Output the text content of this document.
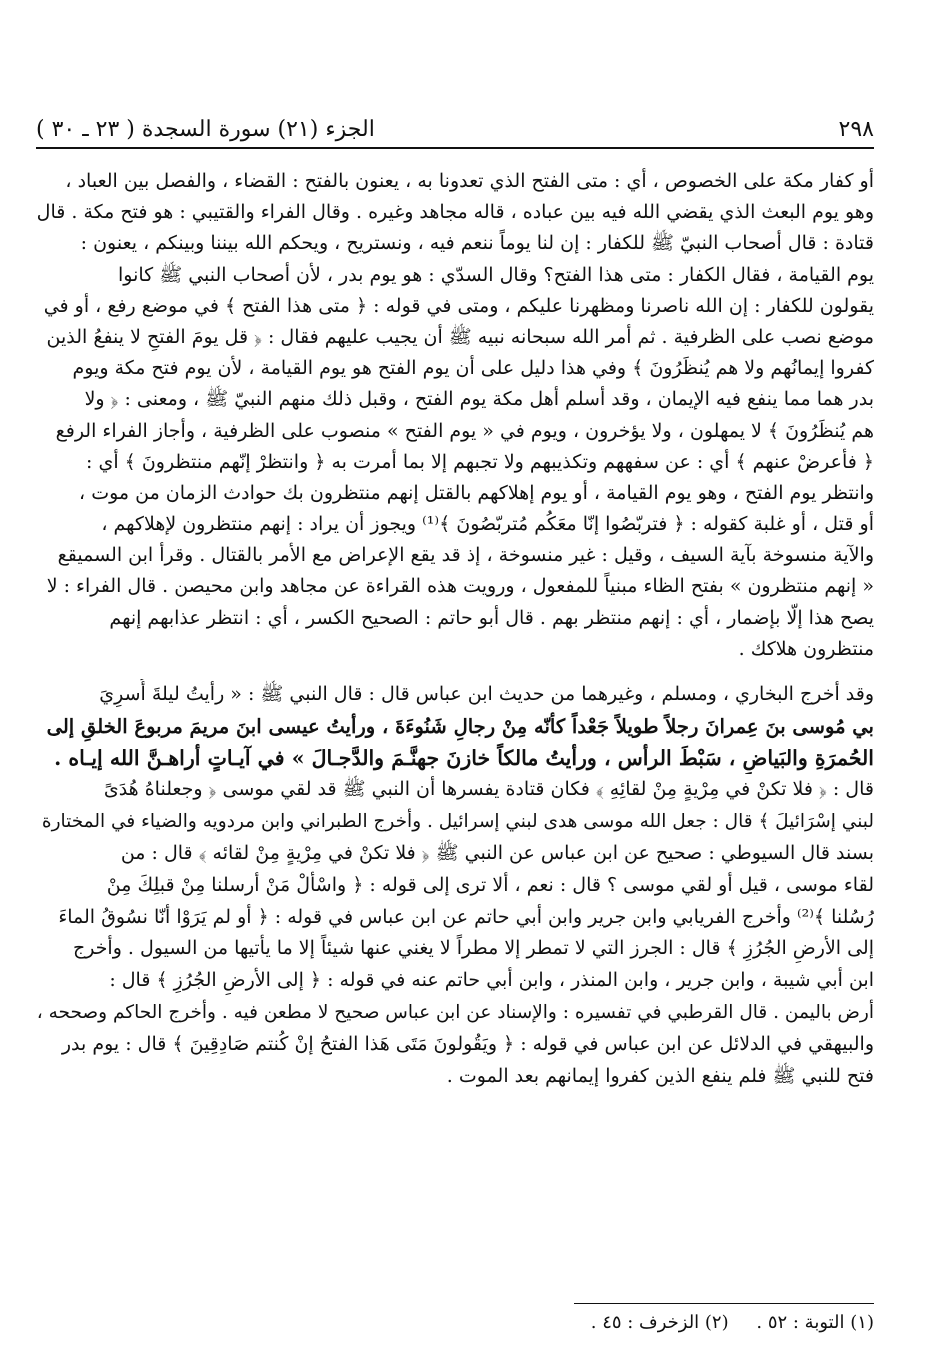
الجزء (٢١) سورة السجدة ( ٢٣ ـ ٣٠ )	٢٩٨
أو كفار مكة على الخصوص ، أي : متى الفتح الذي تعدونا به ، يعنون بالفتح : القضاء ، والفصل بين العباد ،
وهو يوم البعث الذي يقضي الله فيه بين عباده ، قاله مجاهد وغيره . وقال الفراء والقتيبي : هو فتح مكة . قال
قتادة : قال أصحاب النبيّ ﷺ للكفار : إن لنا يوماً ننعم فيه ، ونستريح ، ويحكم الله بيننا وبينكم ، يعنون :
يوم القيامة ، فقال الكفار : متى هذا الفتح؟ وقال السدّي : هو يوم بدر ، لأن أصحاب النبي ﷺ كانوا
يقولون للكفار : إن الله ناصرنا ومظهرنا عليكم ، ومتى في قوله : ﴿ متى هذا الفتح ﴾ في موضع رفع ، أو في
موضع نصب على الظرفية . ثم أمر الله سبحانه نبيه ﷺ أن يجيب عليهم فقال : ﴿ قل يومَ الفتحِ لا ينفعُ الذين
كفروا إيمانُهم ولا هم يُنظَرُونَ ﴾ وفي هذا دليل على أن يوم الفتح هو يوم القيامة ، لأن يوم فتح مكة ويوم
بدر هما مما ينفع فيه الإيمان ، وقد أسلم أهل مكة يوم الفتح ، وقبل ذلك منهم النبيّ ﷺ ، ومعنى : ﴿ ولا
هم يُنظَرُونَ ﴾ لا يمهلون ، ولا يؤخرون ، ويوم في « يوم الفتح » منصوب على الظرفية ، وأجاز الفراء الرفع
﴿ فأعرضْ عنهم ﴾ أي : عن سفههم وتكذيبهم ولا تجبهم إلا بما أمرت به ﴿ وانتظرْ إنّهم منتظرونَ ﴾ أي :
وانتظر يوم الفتح ، وهو يوم القيامة ، أو يوم إهلاكهم بالقتل إنهم منتظرون بك حوادث الزمان من موت ،
أو قتل ، أو غلبة كقوله : ﴿ فتربّصُوا إنّا معَكُم مُتربّصُونَ ﴾⁽¹⁾ ويجوز أن يراد : إنهم منتظرون لإهلاكهم ،
والآية منسوخة بآية السيف ، وقيل : غير منسوخة ، إذ قد يقع الإعراض مع الأمر بالقتال . وقرأ ابن السميقع
« إنهم منتظرون » بفتح الظاء مبنياً للمفعول ، ورويت هذه القراءة عن مجاهد وابن محيصن . قال الفراء : لا
يصح هذا إلّا بإضمار ، أي : إنهم منتظر بهم . قال أبو حاتم : الصحيح الكسر ، أي : انتظر عذابهم إنهم
منتظرون هلاكك .
وقد أخرج البخاري ، ومسلم ، وغيرهما من حديث ابن عباس قال : قال النبي ﷺ : « رأيتُ ليلةَ أُسرِيَ
بي مُوسى بنَ عِمرانَ رجلاً طويلاً جَعْداً كأنّه مِنْ رجالِ شَنُوءَةَ ، ورأيتُ عيسى ابنَ مريمَ مربوعَ الخلقِ إلى
الحُمرَةِ والبَياضِ ، سَبْطَ الرأس ، ورأيتُ مالكاً خازنَ جهنَّـمَ والدَّجـالَ » في آيـاتٍ أراهـنَّ الله إيـاه .
قال : ﴿ فلا تكنْ في مِرْيةٍ مِنْ لقائِهِ ﴾ فكان قتادة يفسرها أن النبي ﷺ قد لقي موسى ﴿ وجعلناهُ هُدَىً
لبني إسْرَائيلَ ﴾ قال : جعل الله موسى هدى لبني إسرائيل . وأخرج الطبراني وابن مردويه والضياء في المختارة
بسند قال السيوطي : صحيح عن ابن عباس عن النبي ﷺ ﴿ فلا تكنْ في مِرْيةٍ مِنْ لقائه ﴾ قال : من
لقاء موسى ، قيل أو لقي موسى ؟ قال : نعم ، ألا ترى إلى قوله : ﴿ واسْألْ مَنْ أرسلنا مِنْ قبلِكَ مِنْ
رُسُلنا ﴾⁽²⁾ وأخرج الفريابي وابن جرير وابن أبي حاتم عن ابن عباس في قوله : ﴿ أو لم يَرَوْا أنّا نسُوقُ الماءَ
إلى الأرضِ الجُرُزِ ﴾ قال : الجرز التي لا تمطر إلا مطراً لا يغني عنها شيئاً إلا ما يأتيها من السيول . وأخرج
ابن أبي شيبة ، وابن جرير ، وابن المنذر ، وابن أبي حاتم عنه في قوله : ﴿ إلى الأرضِ الجُرُزِ ﴾ قال :
أرض باليمن . قال القرطبي في تفسيره : والإسناد عن ابن عباس صحيح لا مطعن فيه . وأخرج الحاكم وصححه ،
والبيهقي في الدلائل عن ابن عباس في قوله : ﴿ ويَقُولونَ مَتَى هَذا الفتحُ إنْ كُنتم صَادِقِينَ ﴾ قال : يوم بدر
فتح للنبي ﷺ فلم ينفع الذين كفروا إيمانهم بعد الموت .
(١) التوبة : ٥٢ . (٢) الزخرف : ٤٥ .
